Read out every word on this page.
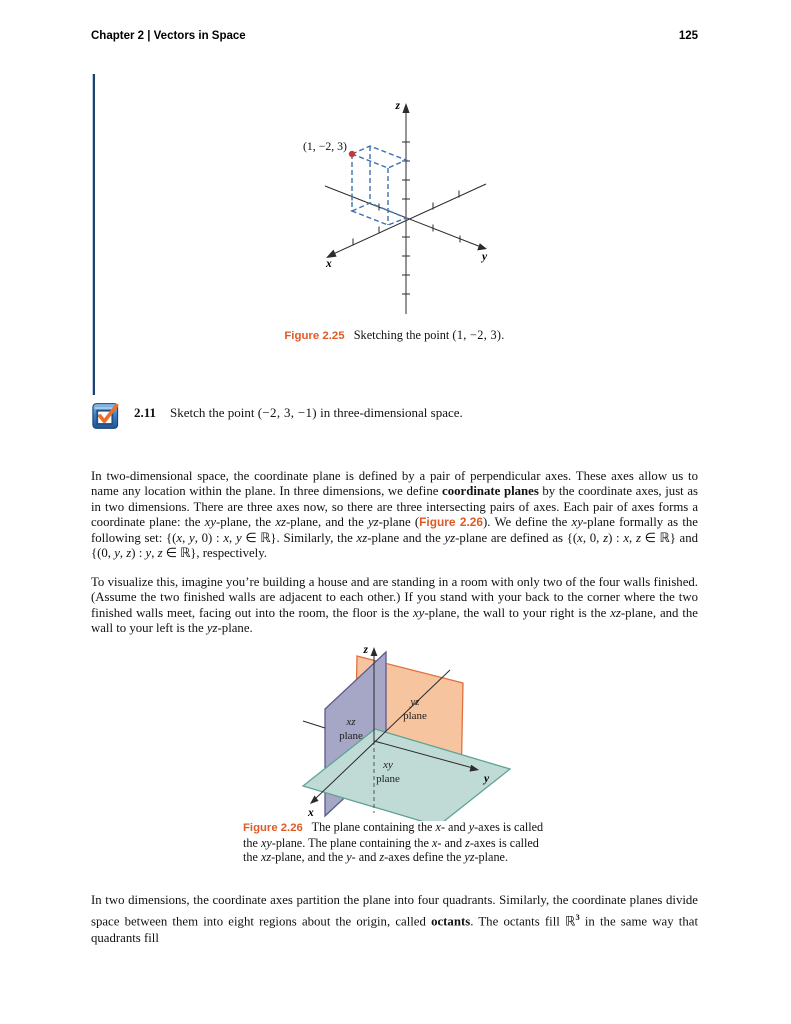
Chapter 2 | Vectors in Space	125
(1, −2, 3)
z
x
y
Figure 2.25 Sketching the point (1, −2, 3).
2.11 Sketch the point (−2, 3, −1) in three-dimensional space.
In two-dimensional space, the coordinate plane is defined by a pair of perpendicular axes. These axes allow us to name any location within the plane. In three dimensions, we define coordinate planes by the coordinate axes, just as in two dimensions. There are three axes now, so there are three intersecting pairs of axes. Each pair of axes forms a coordinate plane: the xy-plane, the xz-plane, and the yz-plane (Figure 2.26). We define the xy-plane formally as the following set: {(x, y, 0) : x, y ∈ ℝ}. Similarly, the xz-plane and the yz-plane are defined as {(x, 0, z) : x, z ∈ ℝ} and {(0, y, z) : y, z ∈ ℝ}, respectively.
To visualize this, imagine you’re building a house and are standing in a room with only two of the four walls finished. (Assume the two finished walls are adjacent to each other.) If you stand with your back to the corner where the two finished walls meet, facing out into the room, the floor is the xy-plane, the wall to your right is the xz-plane, and the wall to your left is the yz-plane.
z
x
y
xz
plane
yz
plane
xy
plane
Figure 2.26 The plane containing the x- and y-axes is called the xy-plane. The plane containing the x- and z-axes is called the xz-plane, and the y- and z-axes define the yz-plane.
In two dimensions, the coordinate axes partition the plane into four quadrants. Similarly, the coordinate planes divide space between them into eight regions about the origin, called octants. The octants fill ℝ$^3$ in the same way that quadrants fill
